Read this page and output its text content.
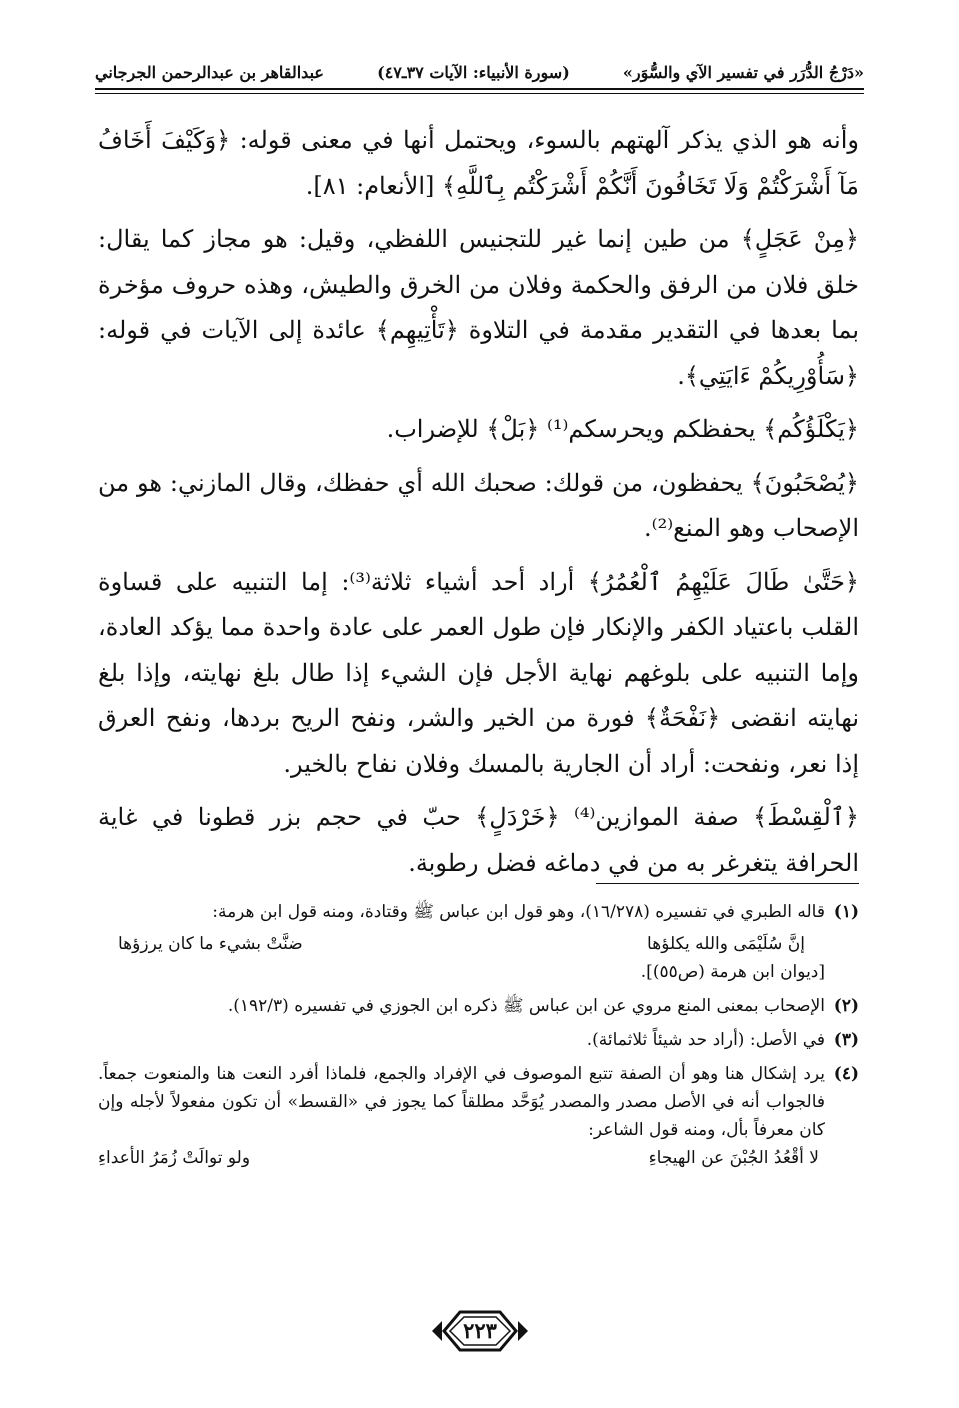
«دَرْجُ الدُّرَر في تفسير الآي والسُّوَر»
(سورة الأنبياء: الآيات ٣٧ـ٤٧)
عبدالقاهر بن عبدالرحمن الجرجاني

وأنه هو الذي يذكر آلهتهم بالسوء، ويحتمل أنها في معنى قوله: ﴿وَكَيْفَ أَخَافُ مَآ أَشْرَكْتُمْ وَلَا تَخَافُونَ أَنَّكُمْ أَشْرَكْتُم بِٱللَّهِ﴾ [الأنعام: ٨١].

﴿مِنْ عَجَلٍ﴾ من طين إنما غير للتجنيس اللفظي، وقيل: هو مجاز كما يقال: خلق فلان من الرفق والحكمة وفلان من الخرق والطيش، وهذه حروف مؤخرة بما بعدها في التقدير مقدمة في التلاوة ﴿تَأْتِيهِم﴾ عائدة إلى الآيات في قوله: ﴿سَأُوْرِيكُمْ ءَايَتِي﴾.

﴿يَكْلَؤُكُم﴾ يحفظكم ويحرسكم⁽¹⁾ ﴿بَلْ﴾ للإضراب.

﴿يُصْحَبُونَ﴾ يحفظون، من قولك: صحبك الله أي حفظك، وقال المازني: هو من الإصحاب وهو المنع⁽²⁾.

﴿حَتَّىٰ طَالَ عَلَيْهِمُ ٱلْعُمُرُ﴾ أراد أحد أشياء ثلاثة⁽³⁾: إما التنبيه على قساوة القلب باعتياد الكفر والإنكار فإن طول العمر على عادة واحدة مما يؤكد العادة، وإما التنبيه على بلوغهم نهاية الأجل فإن الشيء إذا طال بلغ نهايته، وإذا بلغ نهايته انقضى ﴿نَفْحَةٌ﴾ فورة من الخير والشر، ونفح الريح بردها، ونفح العرق إذا نعر، ونفحت: أراد أن الجارية بالمسك وفلان نفاح بالخير.

﴿ٱلْقِسْطَ﴾ صفة الموازين⁽⁴⁾ ﴿خَرْدَلٍ﴾ حبّ في حجم بزر قطونا في غاية الحرافة يتغرغر به من في دماغه فضل رطوبة.

(١)

قاله الطبري في تفسيره (١٦/٢٧٨)، وهو قول ابن عباس ﷺ وقتادة، ومنه قول ابن هرمة:

إنَّ سُلَيْمَى والله يكلؤها
ضنَّتْ بشيء ما كان يرزؤها

[ديوان ابن هرمة (ص٥٥)].

(٢)

الإصحاب بمعنى المنع مروي عن ابن عباس ﷺ ذكره ابن الجوزي في تفسيره (١٩٢/٣).

(٣)

في الأصل: (أراد حد شيئاً ثلاثمائة).

(٤)

يرد إشكال هنا وهو أن الصفة تتبع الموصوف في الإفراد والجمع، فلماذا أفرد النعت هنا والمنعوت جمعاً. فالجواب أنه في الأصل مصدر والمصدر يُوَحَّد مطلقاً كما يجوز في «القسط» أن تكون مفعولاً لأجله وإن كان معرفاً بأل، ومنه قول الشاعر:

لا أقْعُدُ الجُبْنَ عن الهيجاءِ
ولو توالَتْ زُمَرُ الأعداءِ
٢٢٣
